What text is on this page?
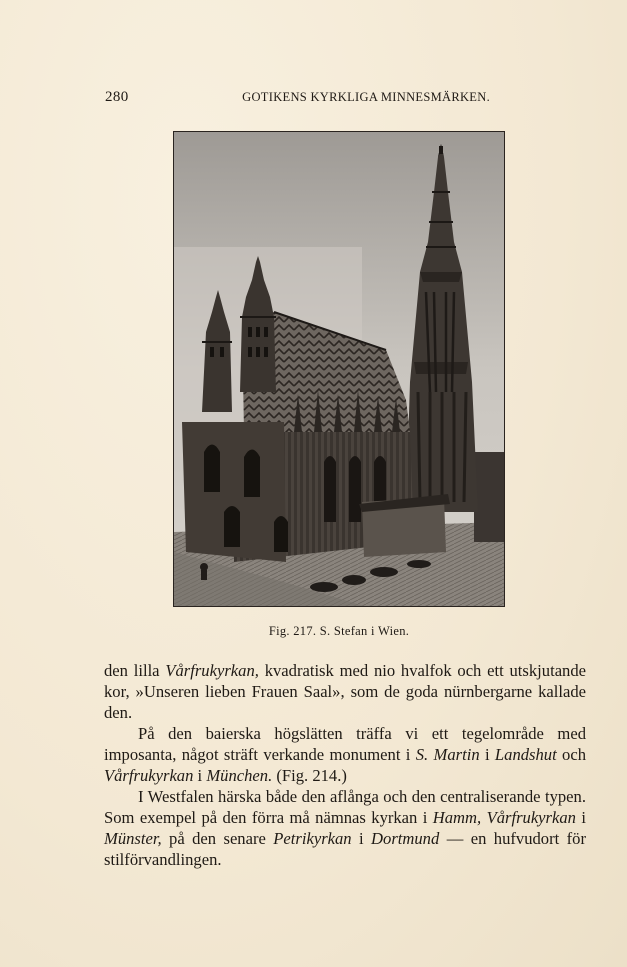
280	GOTIKENS KYRKLIGA MINNESMÄRKEN.
Fig. 217. S. Stefan i Wien.

den lilla Vårfrukyrkan, kvadratisk med nio hvalfok och ett utskjutande kor, »Unseren lieben Frauen Saal», som de goda nürnbergarne kallade den.

På den baierska högslätten träffa vi ett tegelområde med imposanta, något sträft verkande monument i S. Martin i Landshut och Vårfrukyrkan i München. (Fig. 214.)

I Westfalen härska både den aflånga och den centraliserande typen. Som exempel på den förra må nämnas kyrkan i Hamm, Vårfrukyrkan i Münster, på den senare Petrikyrkan i Dortmund — en hufvudort för stilförvandlingen.
